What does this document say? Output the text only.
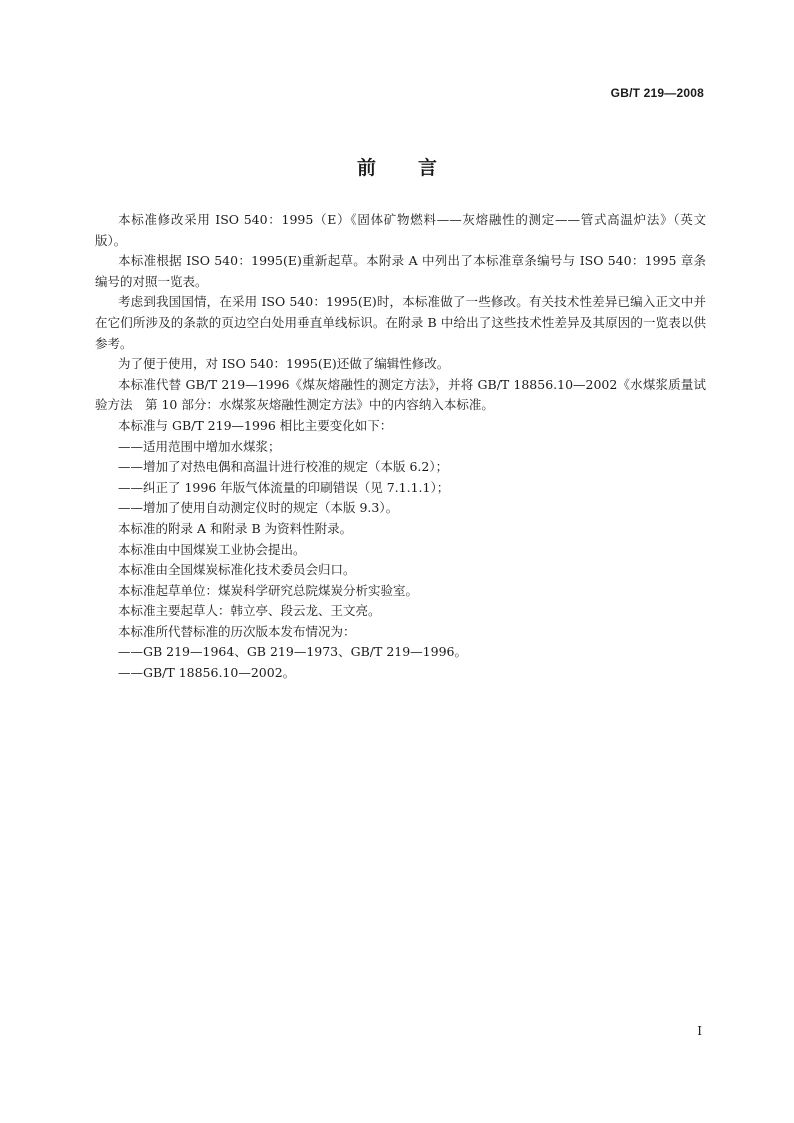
GB/T 219—2008
前言

本标准修改采用 ISO 540：1995（E）《固体矿物燃料——灰熔融性的测定——管式高温炉法》（英文版）。

本标准根据 ISO 540：1995(E)重新起草。本附录 A 中列出了本标准章条编号与 ISO 540：1995 章条编号的对照一览表。

考虑到我国国情，在采用 ISO 540：1995(E)时，本标准做了一些修改。有关技术性差异已编入正文中并在它们所涉及的条款的页边空白处用垂直单线标识。在附录 B 中给出了这些技术性差异及其原因的一览表以供参考。

为了便于使用，对 ISO 540：1995(E)还做了编辑性修改。

本标准代替 GB/T 219—1996《煤灰熔融性的测定方法》，并将 GB/T 18856.10—2002《水煤浆质量试验方法　第 10 部分：水煤浆灰熔融性测定方法》中的内容纳入本标准。

本标准与 GB/T 219—1996 相比主要变化如下：

——适用范围中增加水煤浆；

——增加了对热电偶和高温计进行校准的规定（本版 6.2）；

——纠正了 1996 年版气体流量的印刷错误（见 7.1.1.1）；

——增加了使用自动测定仪时的规定（本版 9.3）。

本标准的附录 A 和附录 B 为资料性附录。

本标准由中国煤炭工业协会提出。

本标准由全国煤炭标准化技术委员会归口。

本标准起草单位：煤炭科学研究总院煤炭分析实验室。

本标准主要起草人：韩立亭、段云龙、王文亮。

本标准所代替标准的历次版本发布情况为：

——GB 219—1964、GB 219—1973、GB/T 219—1996。

——GB/T 18856.10—2002。

I
